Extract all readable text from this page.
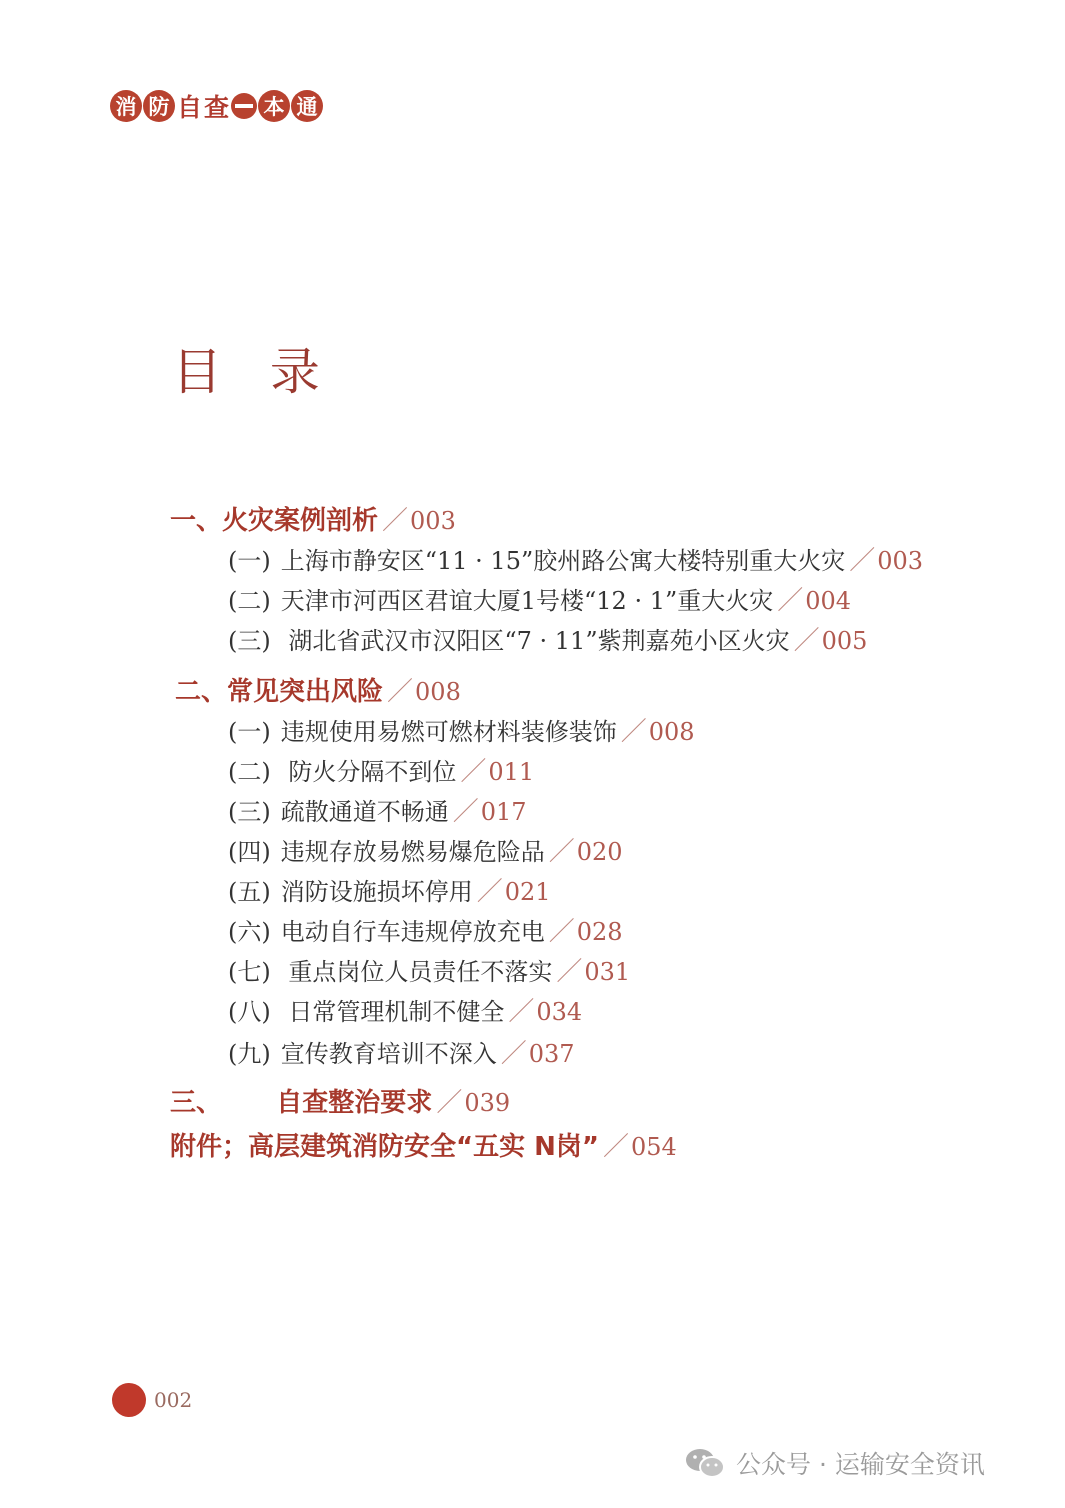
消 防 自 查 本 通
目 录
一、火灾案例剖析 ／003
(一) 上海市静安区“11 · 15”胶州路公寓大楼特别重大火灾 ／003
(二) 天津市河西区君谊大厦1号楼“12 · 1”重大火灾 ／004
(三) 湖北省武汉市汉阳区“7 · 11”紫荆嘉苑小区火灾 ／005
二、常见突出风险 ／008
(一) 违规使用易燃可燃材料装修装饰 ／008
(二) 防火分隔不到位 ／011
(三) 疏散通道不畅通 ／017
(四) 违规存放易燃易爆危险品 ／020
(五) 消防设施损坏停用 ／021
(六) 电动自行车违规停放充电 ／028
(七) 重点岗位人员责任不落实 ／031
(八) 日常管理机制不健全 ／034
(九) 宣传教育培训不深入 ／037
三、      自查整治要求 ／039
附件；高层建筑消防安全“五实 N岗” ／054
002
公众号 · 运输安全资讯
